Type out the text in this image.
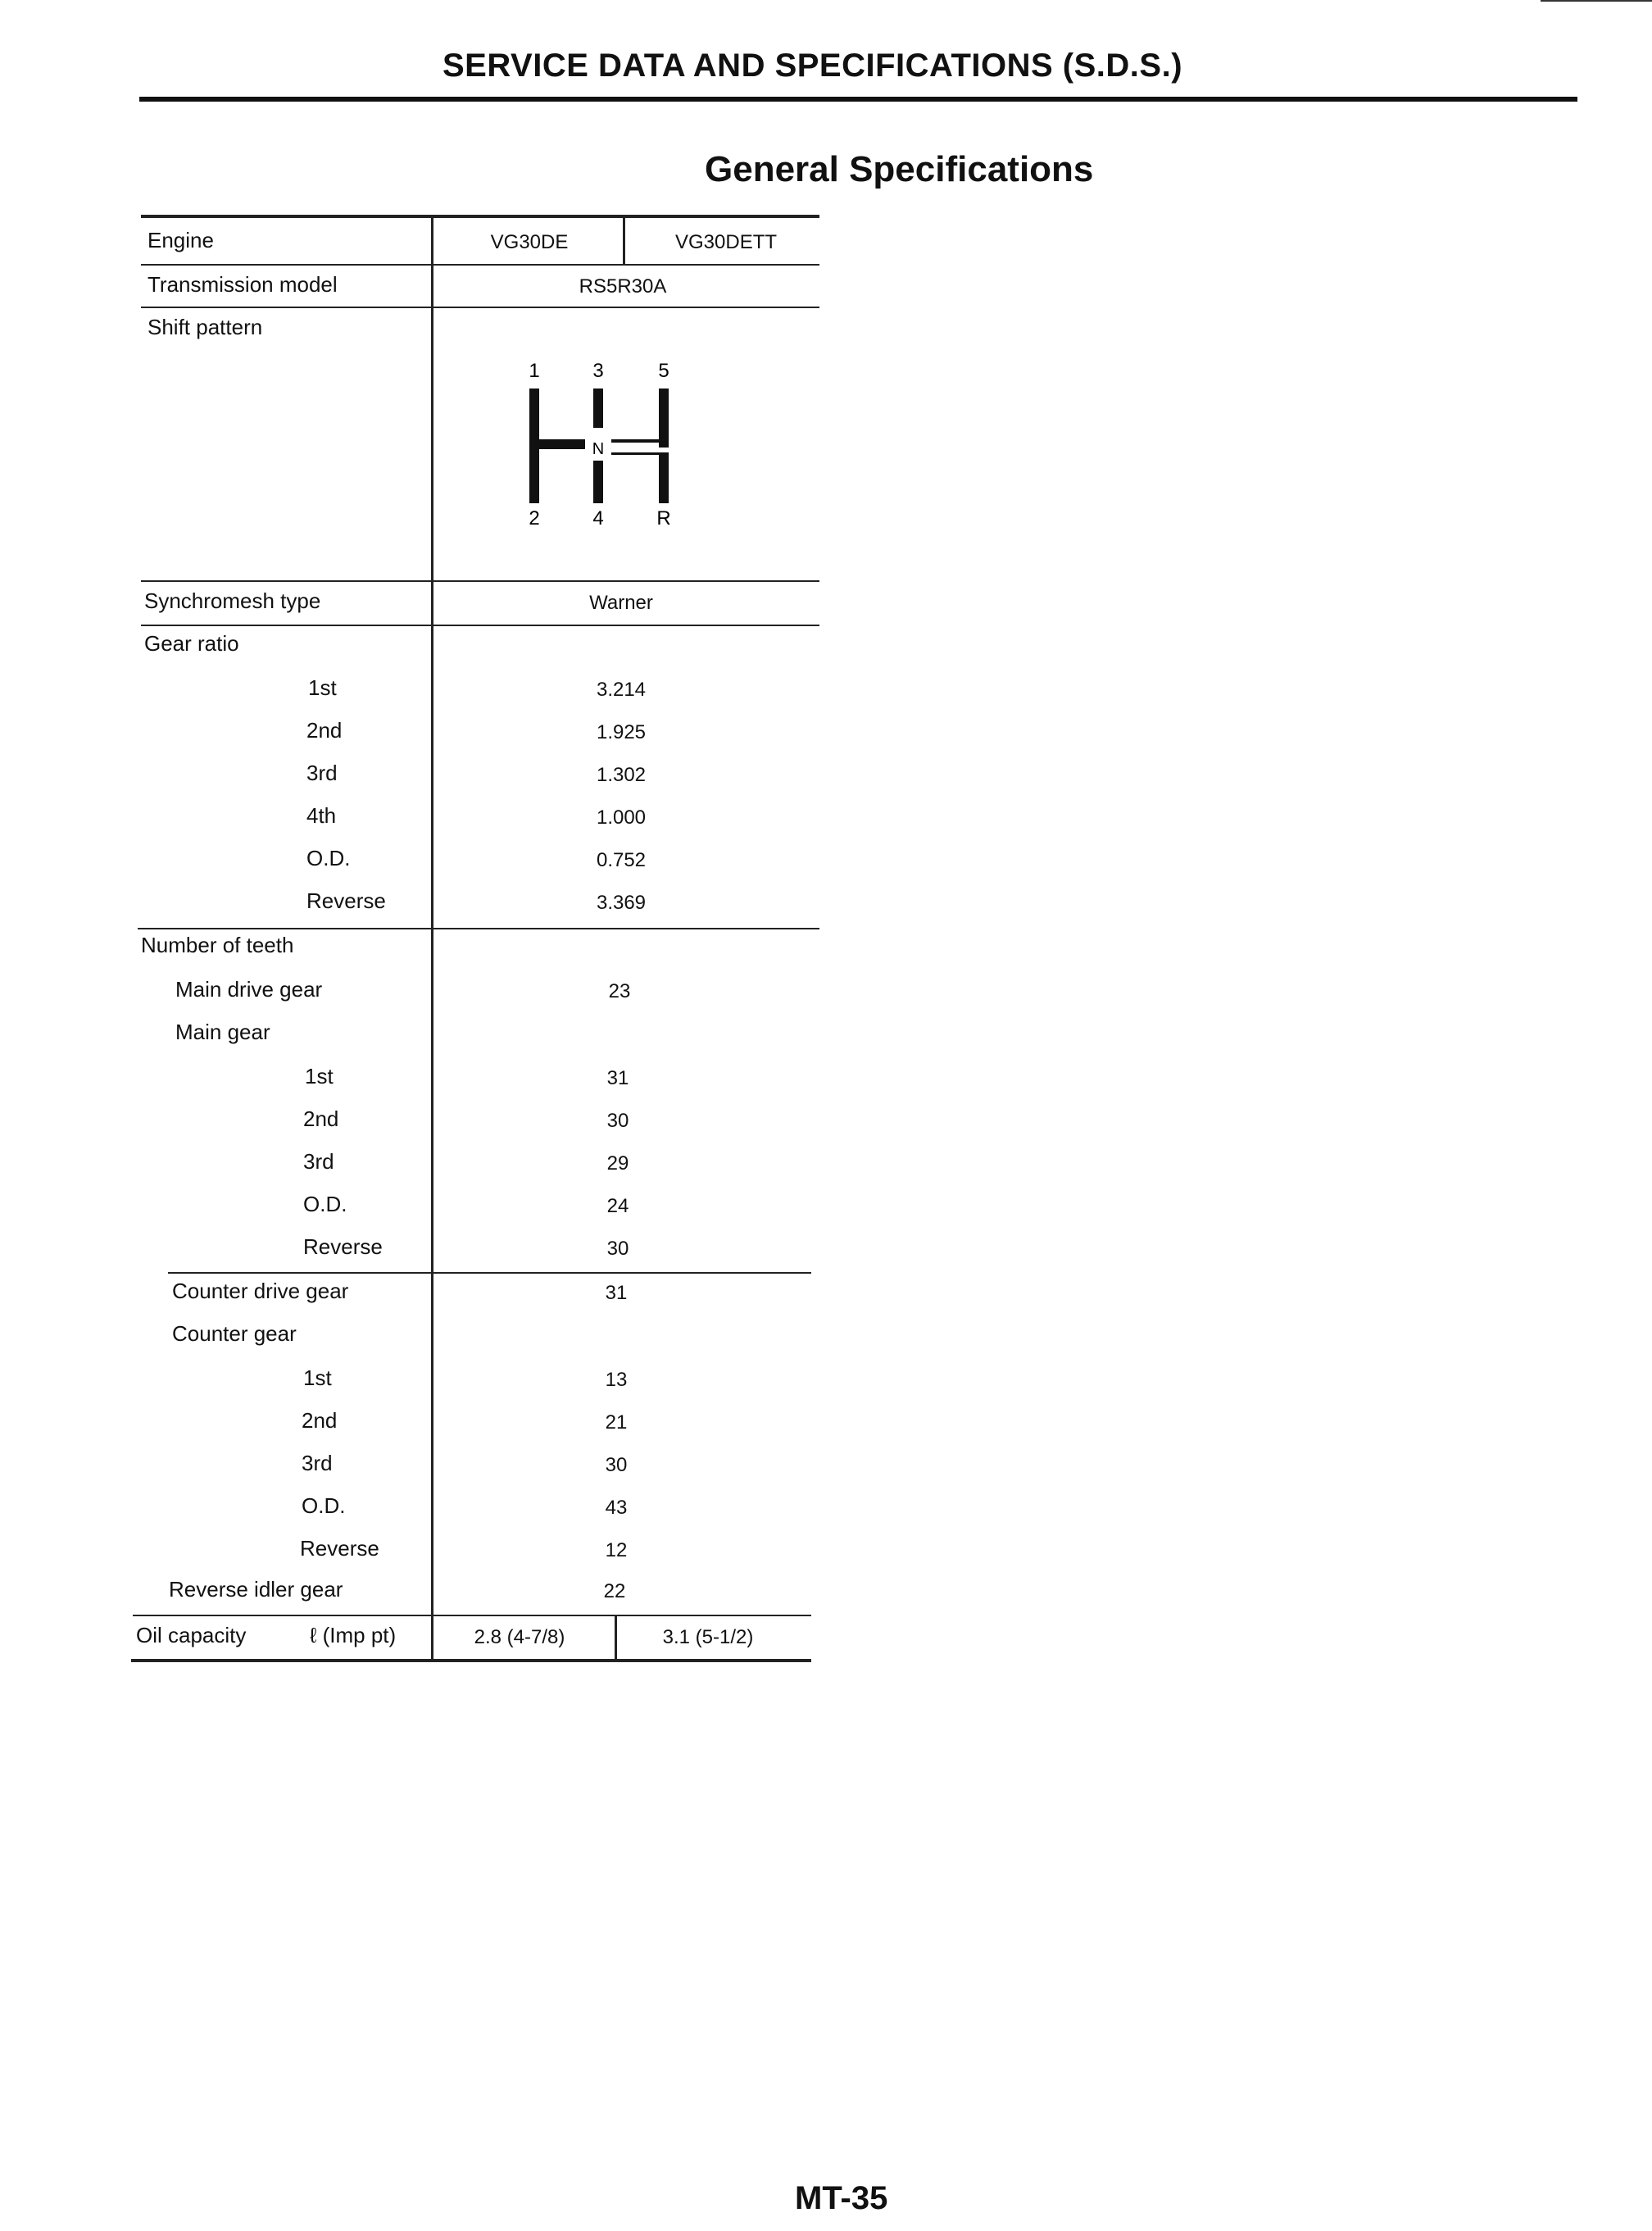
SERVICE DATA AND SPECIFICATIONS (S.D.S.)
General Specifications
Engine	VG30DE	VG30DETT
Transmission model	RS5R30A
Shift pattern
Synchromesh type	Warner
Gear ratio
1st	3.214
2nd	1.925
3rd	1.302
4th	1.000
O.D.	0.752
Reverse	3.369
Number of teeth
Main drive gear	23
Main gear
1st	31
2nd	30
3rd	29
O.D.	24
Reverse	30
Counter drive gear	31
Counter gear
1st	13
2nd	21
3rd	30
O.D.	43
Reverse	12
Reverse idler gear	22
Oil capacity	ℓ (Imp pt)	2.8 (4-7/8)	3.1 (5-1/2)
1	3	5
2	4	R
N
MT-35
